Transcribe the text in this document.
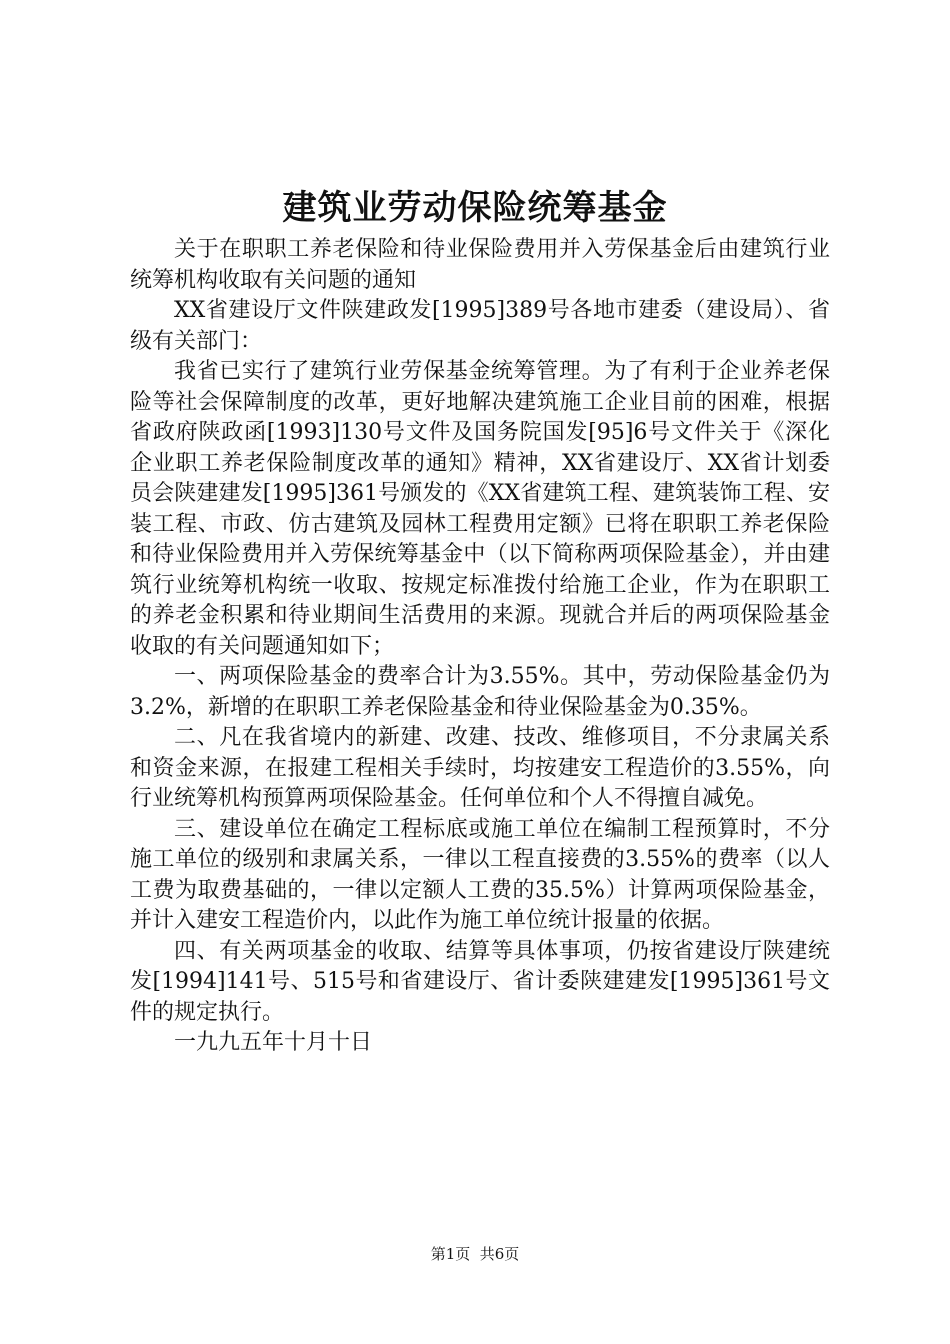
建筑业劳动保险统筹基金

关于在职职工养老保险和待业保险费用并入劳保基金后由建筑行业统筹机构收取有关问题的通知

XX省建设厅文件陕建政发[1995]389号各地市建委（建设局）、省级有关部门：

我省已实行了建筑行业劳保基金统筹管理。为了有利于企业养老保险等社会保障制度的改革，更好地解决建筑施工企业目前的困难，根据省政府陕政函[1993]130号文件及国务院国发[95]6号文件关于《深化企业职工养老保险制度改革的通知》精神，XX省建设厅、XX省计划委员会陕建建发[1995]361号颁发的《XX省建筑工程、建筑装饰工程、安装工程、市政、仿古建筑及园林工程费用定额》已将在职职工养老保险和待业保险费用并入劳保统筹基金中（以下简称两项保险基金），并由建筑行业统筹机构统一收取、按规定标准拨付给施工企业，作为在职职工的养老金积累和待业期间生活费用的来源。现就合并后的两项保险基金收取的有关问题通知如下；

一、两项保险基金的费率合计为3.55%。其中，劳动保险基金仍为3.2%，新增的在职职工养老保险基金和待业保险基金为0.35%。

二、凡在我省境内的新建、改建、技改、维修项目，不分隶属关系和资金来源，在报建工程相关手续时，均按建安工程造价的3.55%，向行业统筹机构预算两项保险基金。任何单位和个人不得擅自减免。

三、建设单位在确定工程标底或施工单位在编制工程预算时，不分施工单位的级别和隶属关系，一律以工程直接费的3.55%的费率（以人工费为取费基础的，一律以定额人工费的35.5%）计算两项保险基金，并计入建安工程造价内，以此作为施工单位统计报量的依据。

四、有关两项基金的收取、结算等具体事项，仍按省建设厅陕建统发[1994]141号、515号和省建设厅、省计委陕建建发[1995]361号文件的规定执行。

一九九五年十月十日

第1页  共6页
